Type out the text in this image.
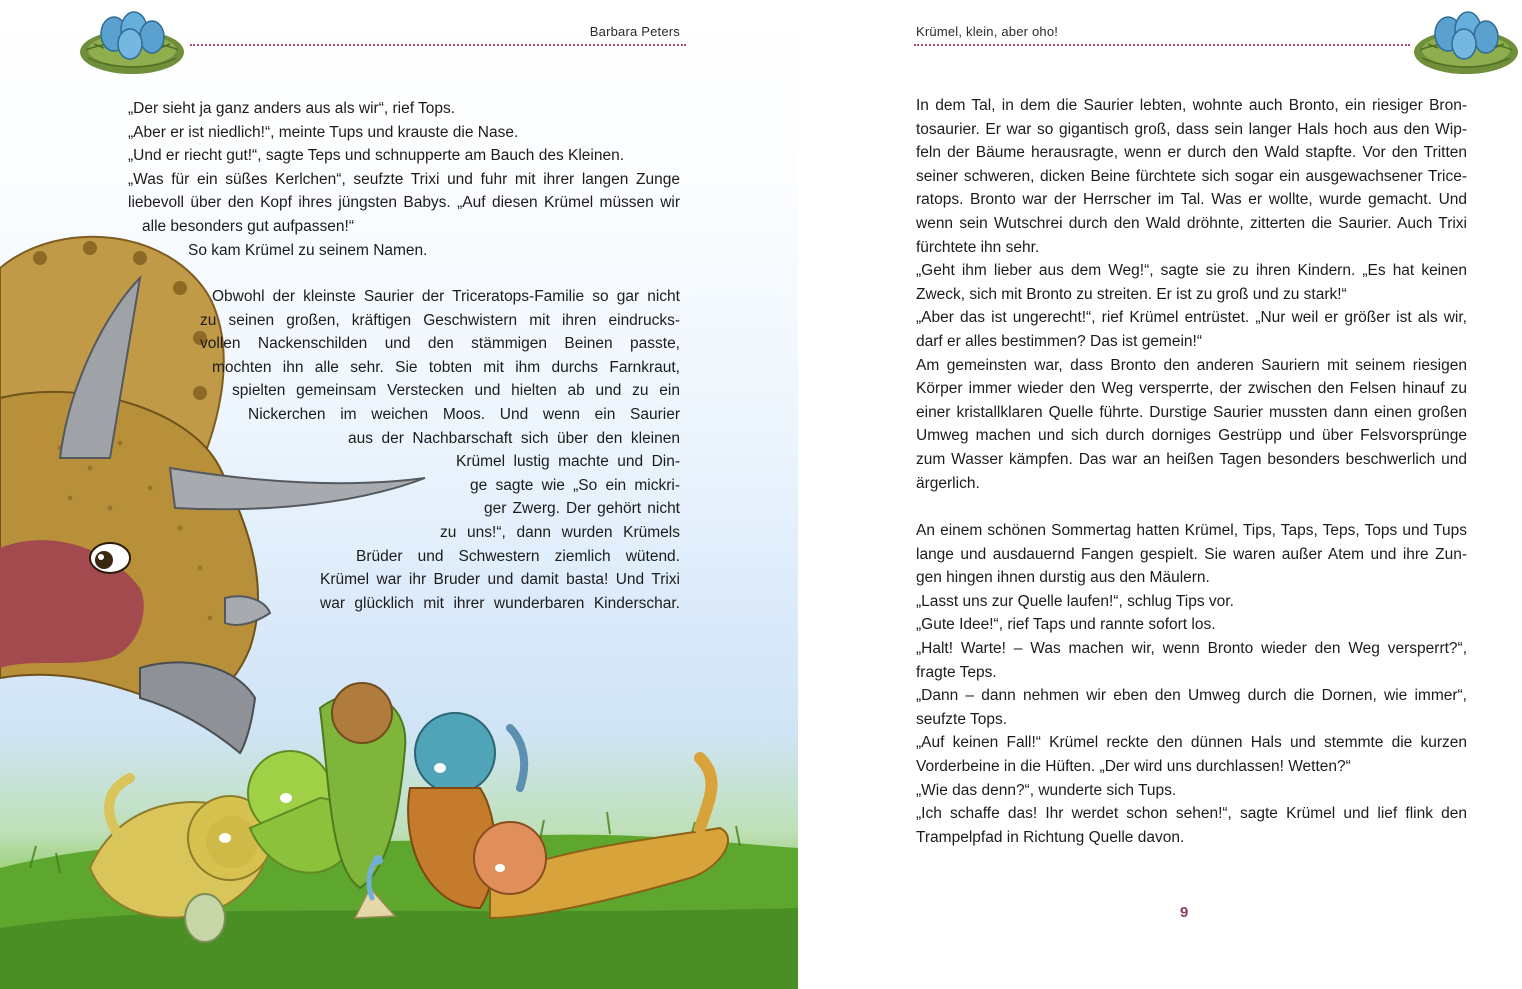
Barbara Peters
„Der sieht ja ganz anders aus als wir“, rief Tops.
„Aber er ist niedlich!“, meinte Tups und krauste die Nase.
„Und er riecht gut!“, sagte Teps und schnupperte am Bauch des Kleinen.
„Was für ein süßes Kerlchen“, seufzte Trixi und fuhr mit ihrer langen Zunge
liebevoll über den Kopf ihres jüngsten Babys. „Auf diesen Krümel müssen wir
alle besonders gut aufpassen!“
So kam Krümel zu seinem Namen.
Obwohl der kleinste Saurier der Triceratops-Familie so gar nicht
zu seinen großen, kräftigen Geschwistern mit ihren eindrucks-
vollen Nackenschilden und den stämmigen Beinen passte,
mochten ihn alle sehr. Sie tobten mit ihm durchs Farnkraut,
spielten gemeinsam Verstecken und hielten ab und zu ein
Nickerchen im weichen Moos. Und wenn ein Saurier
aus der Nachbarschaft sich über den kleinen
Krümel lustig machte und Din-
ge sagte wie „So ein mickri-
ger Zwerg. Der gehört nicht
zu uns!“, dann wurden Krümels
Brüder und Schwestern ziemlich wütend.
Krümel war ihr Bruder und damit basta! Und Trixi
war glücklich mit ihrer wunderbaren Kinderschar.
Krümel, klein, aber oho!
In dem Tal, in dem die Saurier lebten, wohnte auch Bronto, ein riesiger Bron-
tosaurier. Er war so gigantisch groß, dass sein langer Hals hoch aus den Wip-
feln der Bäume herausragte, wenn er durch den Wald stapfte. Vor den Tritten
seiner schweren, dicken Beine fürchtete sich sogar ein ausgewachsener Trice-
ratops. Bronto war der Herrscher im Tal. Was er wollte, wurde gemacht. Und
wenn sein Wutschrei durch den Wald dröhnte, zitterten die Saurier. Auch Trixi
fürchtete ihn sehr.
„Geht ihm lieber aus dem Weg!“, sagte sie zu ihren Kindern. „Es hat keinen
Zweck, sich mit Bronto zu streiten. Er ist zu groß und zu stark!“
„Aber das ist ungerecht!“, rief Krümel entrüstet. „Nur weil er größer ist als wir,
darf er alles bestimmen? Das ist gemein!“
Am gemeinsten war, dass Bronto den anderen Sauriern mit seinem riesigen
Körper immer wieder den Weg versperrte, der zwischen den Felsen hinauf zu
einer kristallklaren Quelle führte. Durstige Saurier mussten dann einen großen
Umweg machen und sich durch dorniges Gestrüpp und über Felsvorsprünge
zum Wasser kämpfen. Das war an heißen Tagen besonders beschwerlich und
ärgerlich.
An einem schönen Sommertag hatten Krümel, Tips, Taps, Teps, Tops und Tups
lange und ausdauernd Fangen gespielt. Sie waren außer Atem und ihre Zun-
gen hingen ihnen durstig aus den Mäulern.
„Lasst uns zur Quelle laufen!“, schlug Tips vor.
„Gute Idee!“, rief Taps und rannte sofort los.
„Halt! Warte! – Was machen wir, wenn Bronto wieder den Weg versperrt?“,
fragte Teps.
„Dann – dann nehmen wir eben den Umweg durch die Dornen, wie immer“,
seufzte Tops.
„Auf keinen Fall!“ Krümel reckte den dünnen Hals und stemmte die kurzen
Vorderbeine in die Hüften. „Der wird uns durchlassen! Wetten?“
„Wie das denn?“, wunderte sich Tups.
„Ich schaffe das! Ihr werdet schon sehen!“, sagte Krümel und lief flink den
Trampelpfad in Richtung Quelle davon.
9
